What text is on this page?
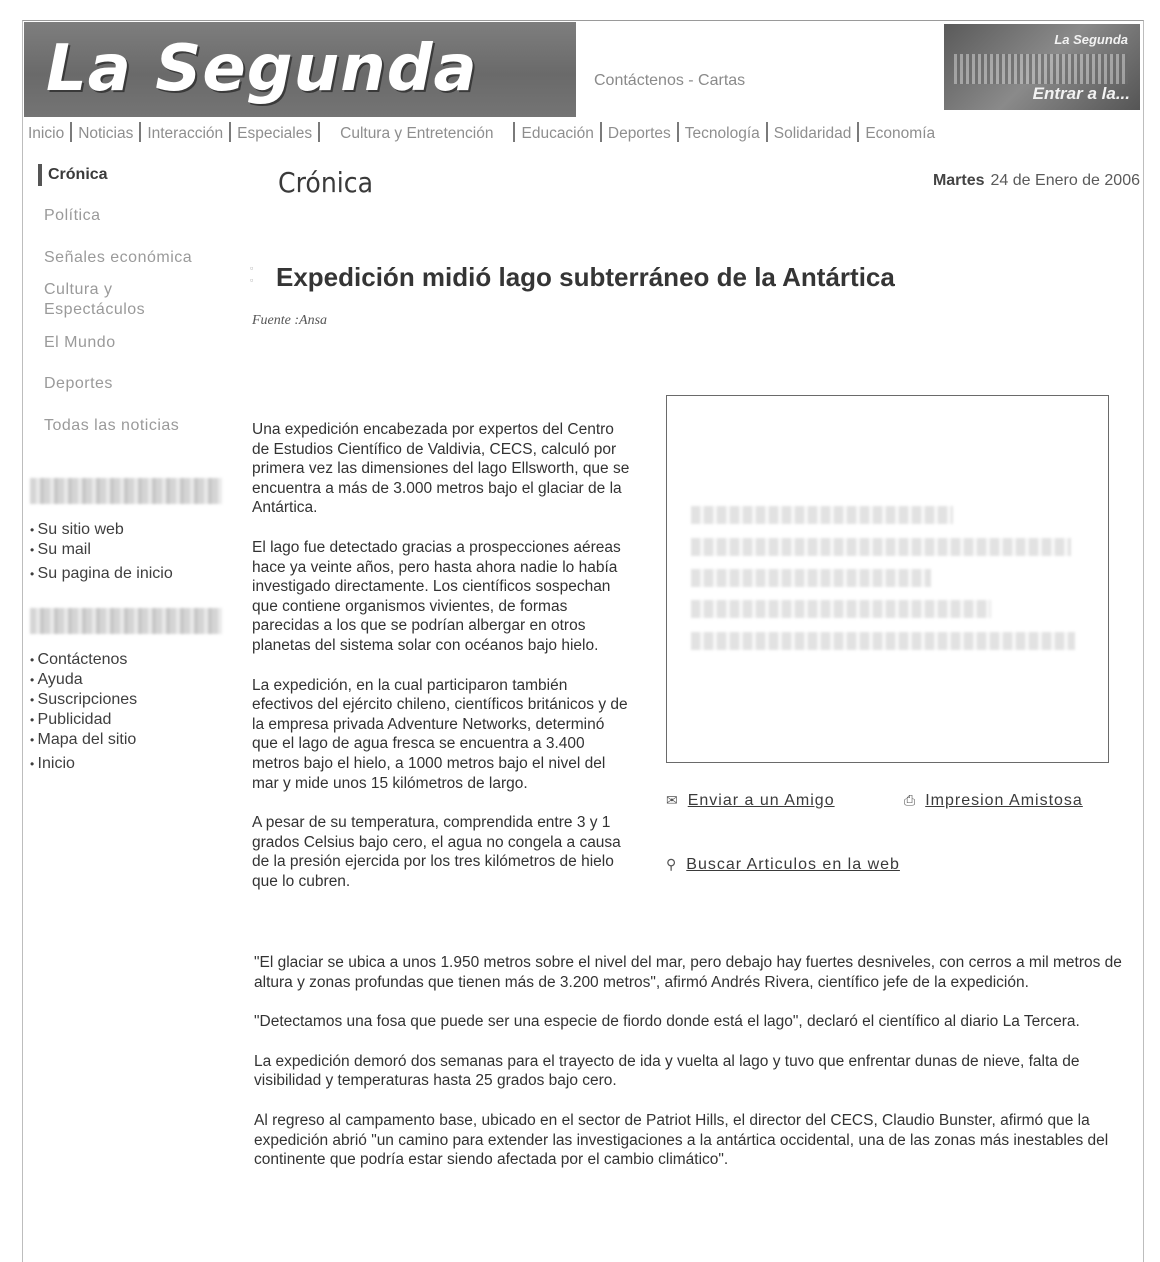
La Segunda	Contáctenos - Cartas
La Segunda
Entrar a la...
Inicio Noticias Interacción Especiales Cultura y Entretención Educación Deportes Tecnología Solidaridad Economía
Crónica
Política
Señales económica
Cultura y Espectáculos
El Mundo
Deportes
Todas las noticias
• Su sitio web
• Su mail
• Su pagina de inicio
• Contáctenos
• Ayuda
• Suscripciones
• Publicidad
• Mapa del sitio
• Inicio
Crónica	Martes 24 de Enero de 2006
▫
▫ Expedición midió lago subterráneo de la Antártica
Fuente :Ansa

Una expedición encabezada por expertos del Centro de Estudios Científico de Valdivia, CECS, calculó por primera vez las dimensiones del lago Ellsworth, que se encuentra a más de 3.000 metros bajo el glaciar de la Antártica.

El lago fue detectado gracias a prospecciones aéreas hace ya veinte años, pero hasta ahora nadie lo había investigado directamente. Los científicos sospechan que contiene organismos vivientes, de formas parecidas a los que se podrían albergar en otros planetas del sistema solar con océanos bajo hielo.

La expedición, en la cual participaron también efectivos del ejército chileno, científicos británicos y de la empresa privada Adventure Networks, determinó que el lago de agua fresca se encuentra a 3.400 metros bajo el hielo, a 1000 metros bajo el nivel del mar y mide unos 15 kilómetros de largo.

A pesar de su temperatura, comprendida entre 3 y 1 grados Celsius bajo cero, el agua no congela a causa de la presión ejercida por los tres kilómetros de hielo que lo cubren.

✉ Enviar a un Amigo	⎙ Impresion Amistosa
⚲ Buscar Articulos en la web

"El glaciar se ubica a unos 1.950 metros sobre el nivel del mar, pero debajo hay fuertes desniveles, con cerros a mil metros de altura y zonas profundas que tienen más de 3.200 metros", afirmó Andrés Rivera, científico jefe de la expedición.

"Detectamos una fosa que puede ser una especie de fiordo donde está el lago", declaró el científico al diario La Tercera.

La expedición demoró dos semanas para el trayecto de ida y vuelta al lago y tuvo que enfrentar dunas de nieve, falta de visibilidad y temperaturas hasta 25 grados bajo cero.

Al regreso al campamento base, ubicado en el sector de Patriot Hills, el director del CECS, Claudio Bunster, afirmó que la expedición abrió "un camino para extender las investigaciones a la antártica occidental, una de las zonas más inestables del continente que podría estar siendo afectada por el cambio climático".
